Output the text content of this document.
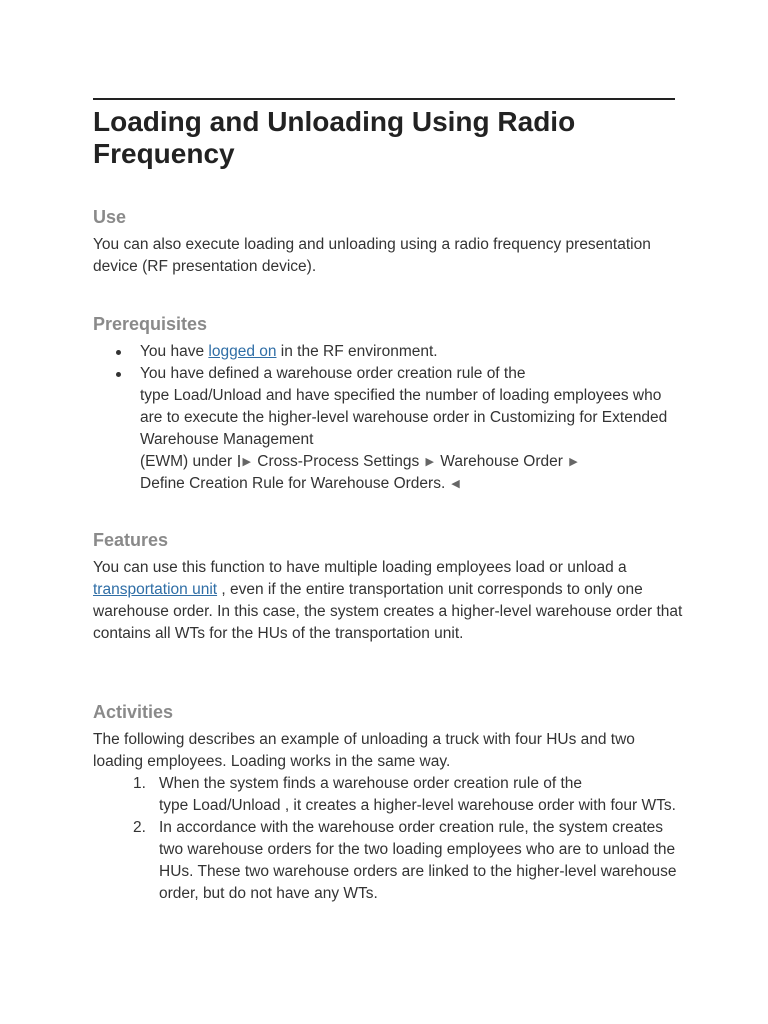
Loading and Unloading Using Radio Frequency
Use

You can also execute loading and unloading using a radio frequency presentation device (RF presentation device).

Prerequisites
You have logged on in the RF environment.
You have defined a warehouse order creation rule of the
type Load/Unload and have specified the number of loading employees who are to execute the higher-level warehouse order in Customizing for Extended Warehouse Management
(EWM) under ▶ Cross-Process Settings ▶ Warehouse Order ▶
Define Creation Rule for Warehouse Orders. ◀
Features

You can use this function to have multiple loading employees load or unload a transportation unit , even if the entire transportation unit corresponds to only one warehouse order. In this case, the system creates a higher-level warehouse order that contains all WTs for the HUs of the transportation unit.

Activities

The following describes an example of unloading a truck with four HUs and two loading employees. Loading works in the same way.

1. When the system finds a warehouse order creation rule of the
type Load/Unload , it creates a higher-level warehouse order with four WTs.
2. In accordance with the warehouse order creation rule, the system creates two warehouse orders for the two loading employees who are to unload the HUs. These two warehouse orders are linked to the higher-level warehouse order, but do not have any WTs.
